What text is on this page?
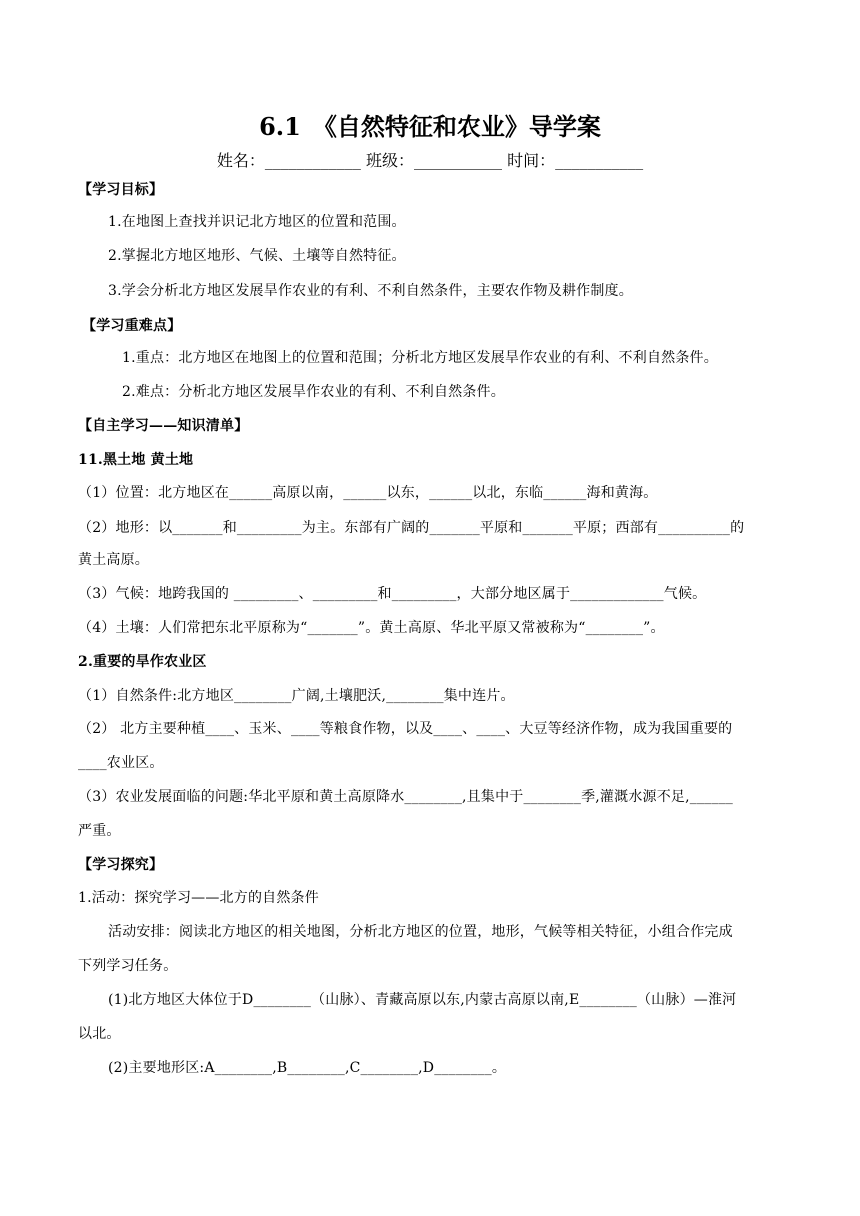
6.1　《自然特征和农业》导学案
姓名：____________ 班级：___________ 时间：___________
【学习目标】
1.在地图上查找并识记北方地区的位置和范围。
2.掌握北方地区地形、气候、土壤等自然特征。
3.学会分析北方地区发展旱作农业的有利、不利自然条件，主要农作物及耕作制度。
【学习重难点】
1.重点：北方地区在地图上的位置和范围；分析北方地区发展旱作农业的有利、不利自然条件。
2.难点：分析北方地区发展旱作农业的有利、不利自然条件。
【自主学习——知识清单】
11.黑土地 黄土地
（1）位置：北方地区在______高原以南，______以东，______以北，东临______海和黄海。
（2）地形：以_______和_________为主。东部有广阔的_______平原和_______平原；西部有__________的
黄土高原。
（3）气候：地跨我国的 _________、_________和_________，大部分地区属于_____________气候。
（4）土壤：人们常把东北平原称为“_______”。黄土高原、华北平原又常被称为“________”。
2.重要的旱作农业区
（1）自然条件:北方地区________广阔,土壤肥沃,________集中连片。
（2） 北方主要种植____、玉米、____等粮食作物，以及____、____、大豆等经济作物，成为我国重要的
____农业区。
（3）农业发展面临的问题:华北平原和黄土高原降水________,且集中于________季,灌溉水源不足,______
严重。
【学习探究】
1.活动：探究学习——北方的自然条件
活动安排：阅读北方地区的相关地图，分析北方地区的位置，地形，气候等相关特征，小组合作完成
下列学习任务。
(1)北方地区大体位于D________（山脉）、青藏高原以东,内蒙古高原以南,E________（山脉）—淮河
以北。
(2)主要地形区:A________,B________,C________,D________。
